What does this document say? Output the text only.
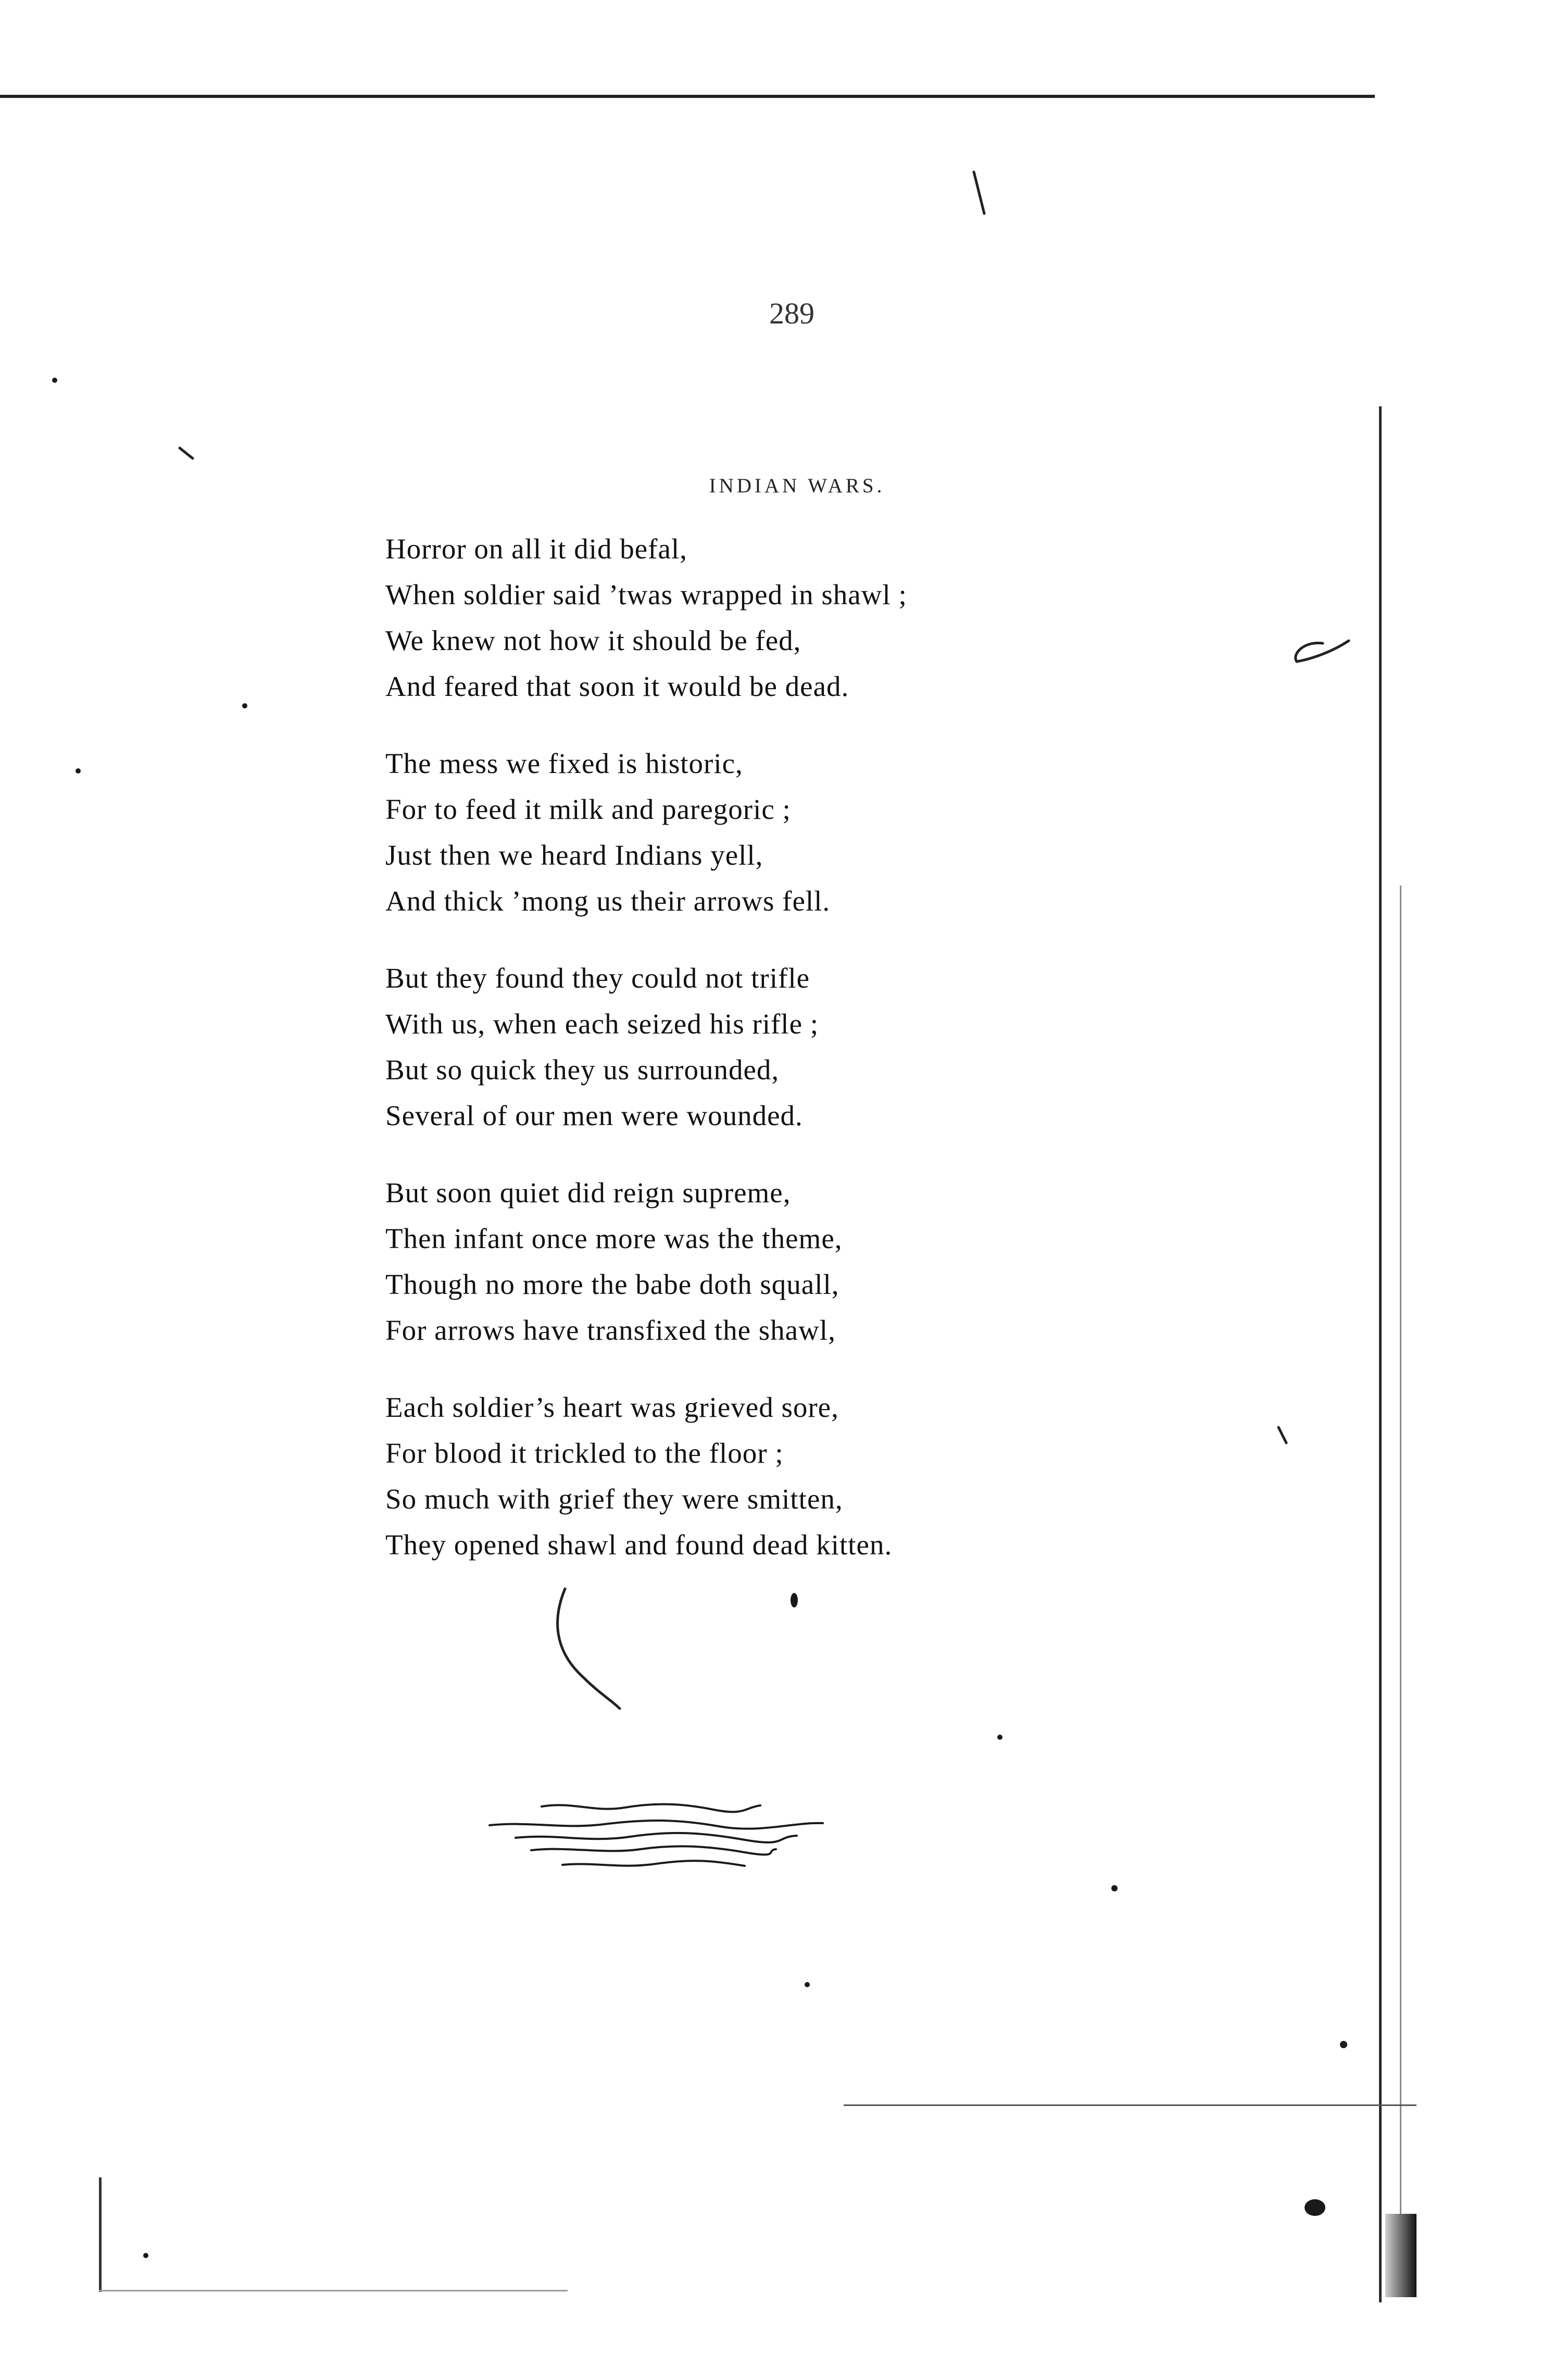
289
INDIAN WARS.
Horror on all it did befal,
When soldier said ’twas wrapped in shawl ;
We knew not how it should be fed,
And feared that soon it would be dead.
The mess we fixed is historic,
For to feed it milk and paregoric ;
Just then we heard Indians yell,
And thick ’mong us their arrows fell.
But they found they could not trifle
With us, when each seized his rifle ;
But so quick they us surrounded,
Several of our men were wounded.
But soon quiet did reign supreme,
Then infant once more was the theme,
Though no more the babe doth squall,
For arrows have transfixed the shawl,
Each soldier’s heart was grieved sore,
For blood it trickled to the floor ;
So much with grief they were smitten,
They opened shawl and found dead kitten.
